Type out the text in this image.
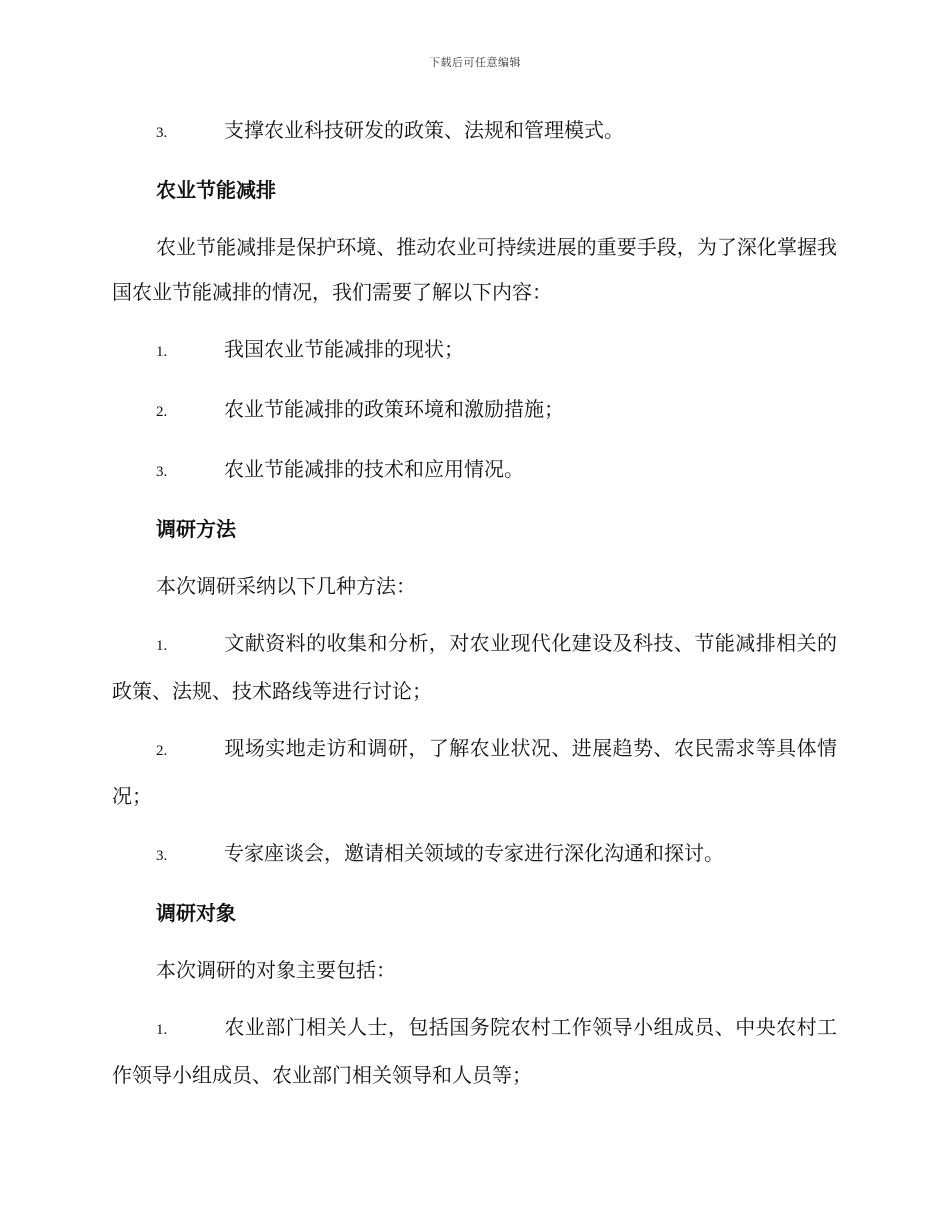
下载后可任意编辑

3.	支撑农业科技研发的政策、法规和管理模式。

农业节能减排

农业节能减排是保护环境、推动农业可持续进展的重要手段，为了深化掌握我国农业节能减排的情况，我们需要了解以下内容：

1.	我国农业节能减排的现状；

2.	农业节能减排的政策环境和激励措施；

3.	农业节能减排的技术和应用情况。

调研方法

本次调研采纳以下几种方法：

1.	文献资料的收集和分析，对农业现代化建设及科技、节能减排相关的政策、法规、技术路线等进行讨论；

2.	现场实地走访和调研，了解农业状况、进展趋势、农民需求等具体情况；

3.	专家座谈会，邀请相关领域的专家进行深化沟通和探讨。

调研对象

本次调研的对象主要包括：

1.	农业部门相关人士，包括国务院农村工作领导小组成员、中央农村工作领导小组成员、农业部门相关领导和人员等；
